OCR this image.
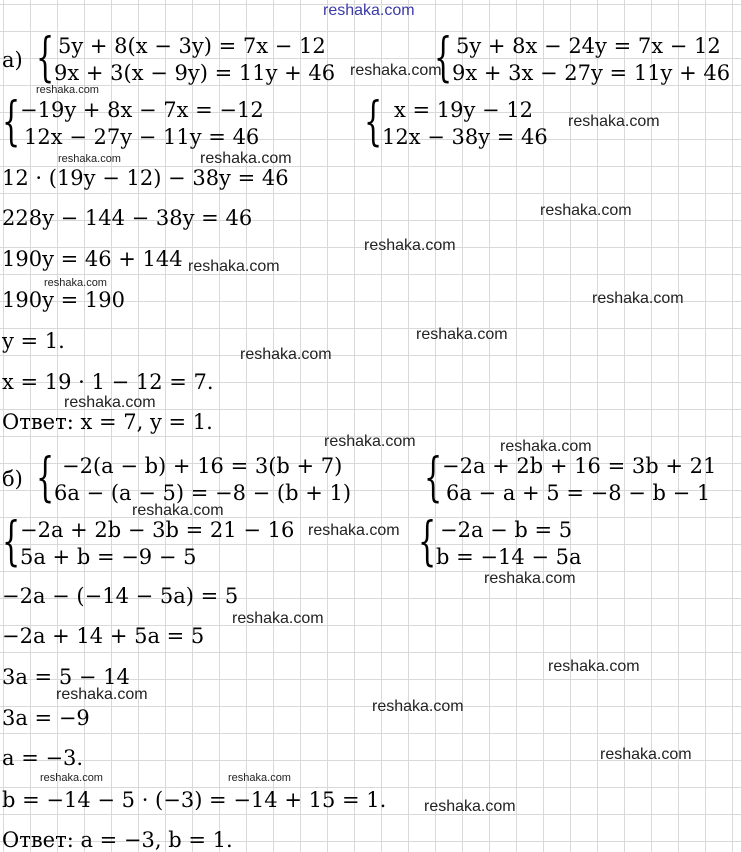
reshaka.com
а) { 5y + 8(x − 3y) = 7x − 12
9x + 3(x − 9y) = 11y + 46 { 5y + 8x − 24y = 7x − 12
9x + 3x − 27y = 11y + 46
{ −19y + 8x − 7x = −12
12x − 27y − 11y = 46 { x = 19y − 12
12x − 38y = 46
12 · (19y − 12) − 38y = 46
228y − 144 − 38y = 46
190y = 46 + 144
190y = 190
y = 1.
x = 19 · 1 − 12 = 7.
Ответ: x = 7, y = 1.
б) { −2(a − b) + 16 = 3(b + 7)
6a − (a − 5) = −8 − (b + 1) { −2a + 2b + 16 = 3b + 21
6a − a + 5 = −8 − b − 1
{ −2a + 2b − 3b = 21 − 16
5a + b = −9 − 5	{ −2a − b = 5
b = −14 − 5a
−2a − (−14 − 5a) = 5
−2a + 14 + 5a = 5
3a = 5 − 14
3a = −9
a = −3.
b = −14 − 5 · (−3) = −14 + 15 = 1.
Ответ: a = −3, b = 1.
reshaka.com
reshaka.com
reshaka.com
reshaka.com
reshaka.com
reshaka.com
reshaka.com
reshaka.com
reshaka.com
reshaka.com
reshaka.com
reshaka.com
reshaka.com
reshaka.com	reshaka.com
reshaka.com
reshaka.com
reshaka.com
reshaka.com
reshaka.com
reshaka.com
reshaka.com
reshaka.com
reshaka.com	reshaka.com
reshaka.com
